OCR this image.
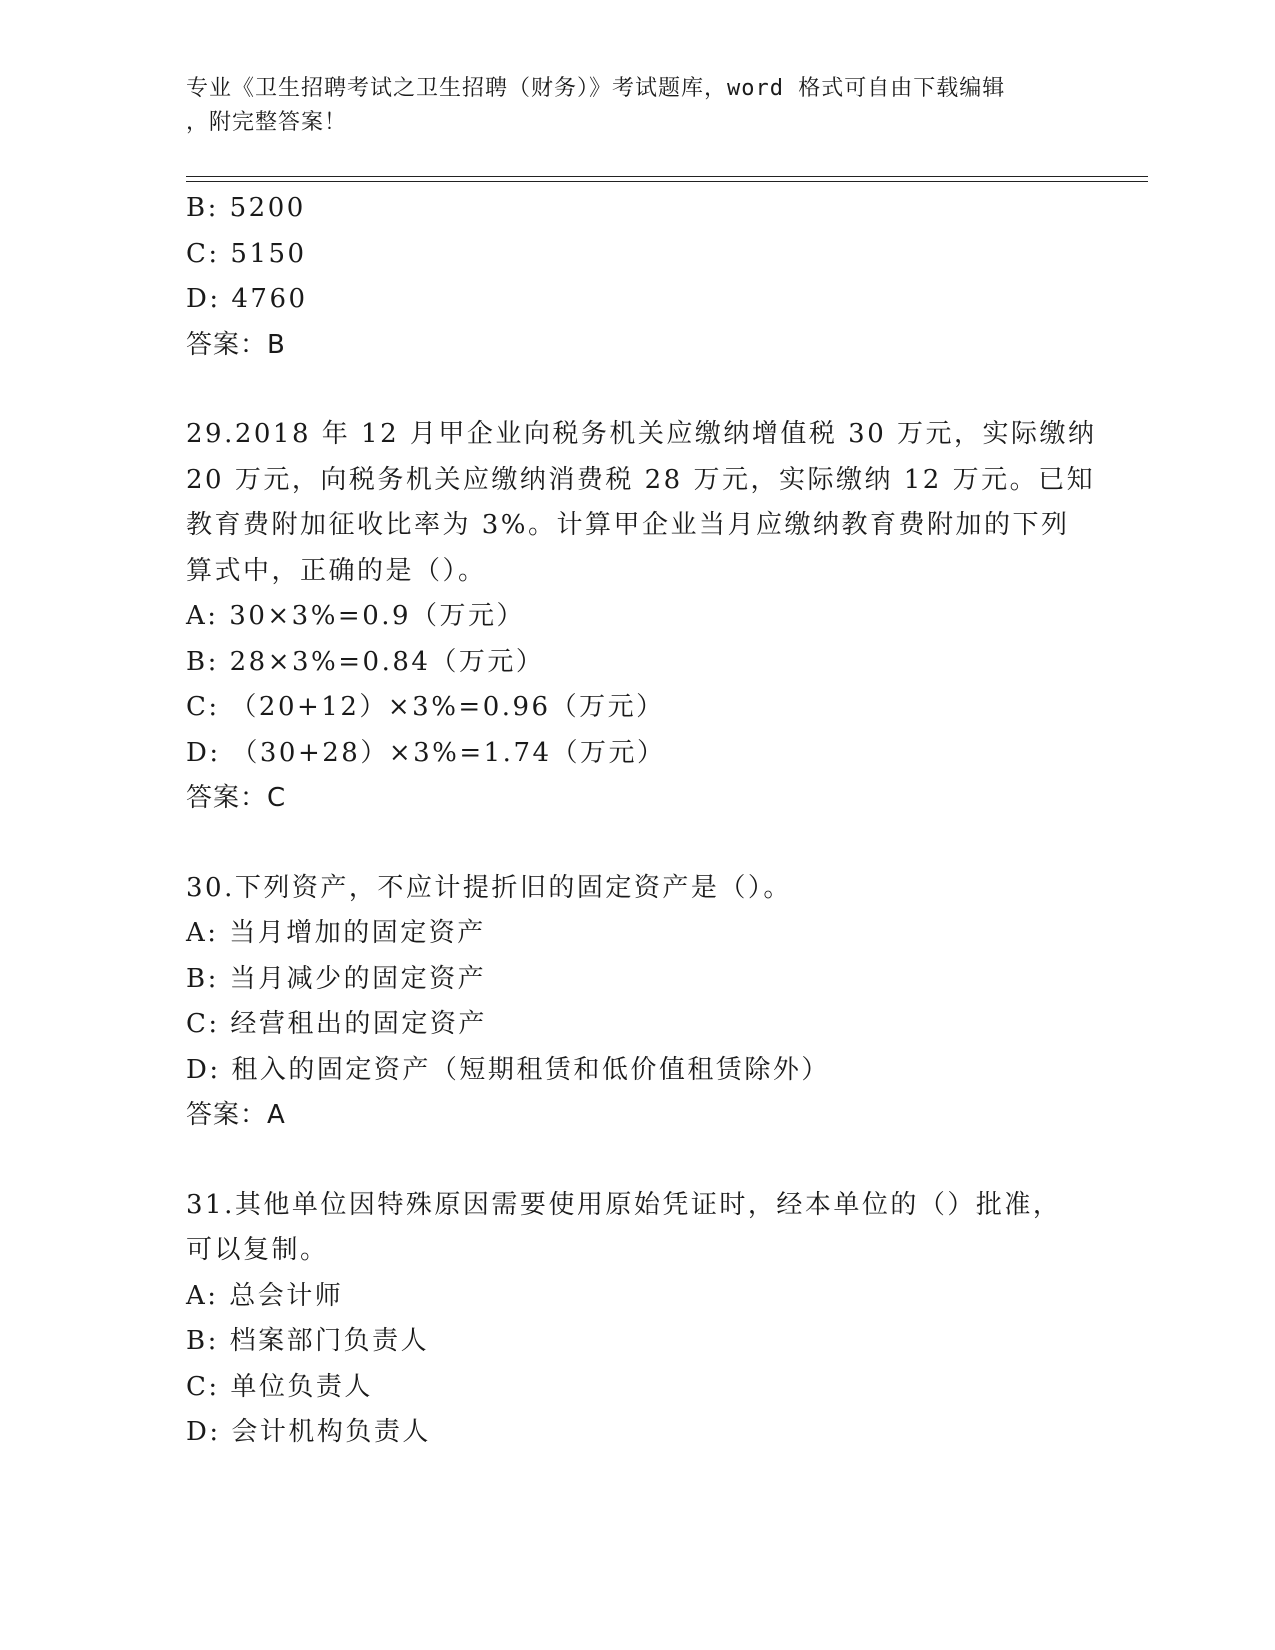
专业《卫生招聘考试之卫生招聘（财务）》考试题库，word 格式可自由下载编辑
，附完整答案！
B: 5200
C: 5150
D: 4760
答案：B
29.2018 年 12 月甲企业向税务机关应缴纳增值税 30 万元，实际缴纳
20 万元，向税务机关应缴纳消费税 28 万元，实际缴纳 12 万元。已知
教育费附加征收比率为 3%。计算甲企业当月应缴纳教育费附加的下列
算式中，正确的是（）。
A: 30×3%=0.9（万元）
B: 28×3%=0.84（万元）
C: （20+12）×3%=0.96（万元）
D: （30+28）×3%=1.74（万元）
答案：C
30.下列资产，不应计提折旧的固定资产是（）。
A: 当月增加的固定资产
B: 当月减少的固定资产
C: 经营租出的固定资产
D: 租入的固定资产（短期租赁和低价值租赁除外）
答案：A
31.其他单位因特殊原因需要使用原始凭证时，经本单位的（）批准，
可以复制。
A: 总会计师
B: 档案部门负责人
C: 单位负责人
D: 会计机构负责人
